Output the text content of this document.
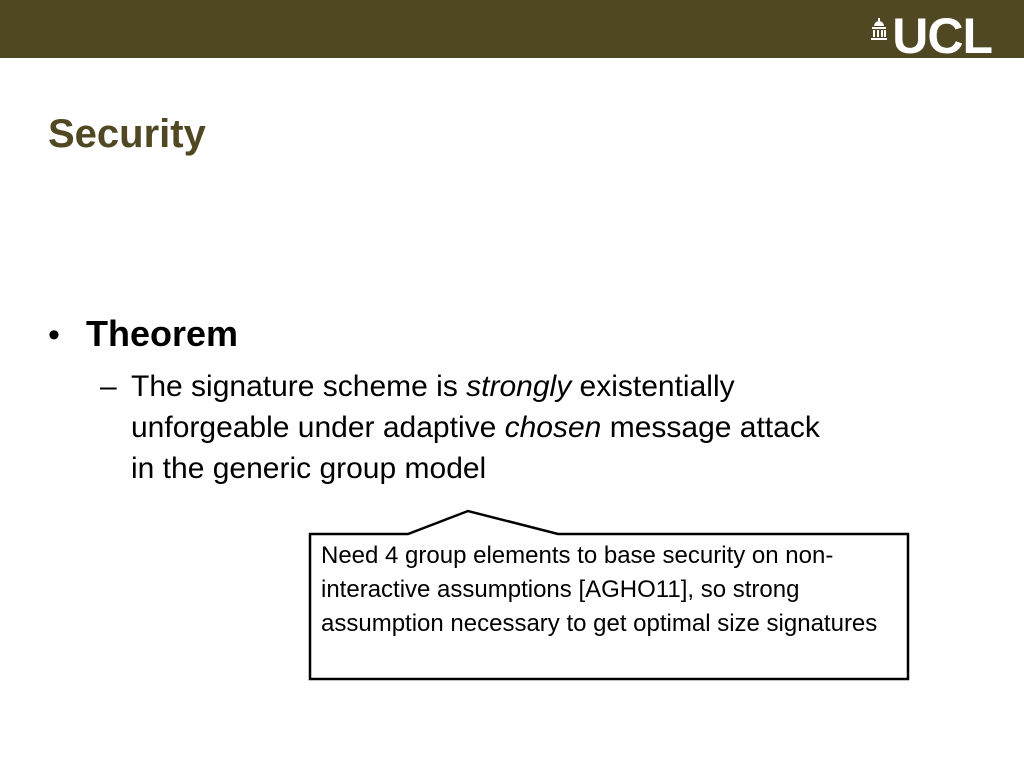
UCL
Security
• Theorem
– The signature scheme is strongly existentially unforgeable under adaptive chosen message attack in the generic group model
Need 4 group elements to base security on non-interactive assumptions [AGHO11], so strong assumption necessary to get optimal size signatures
